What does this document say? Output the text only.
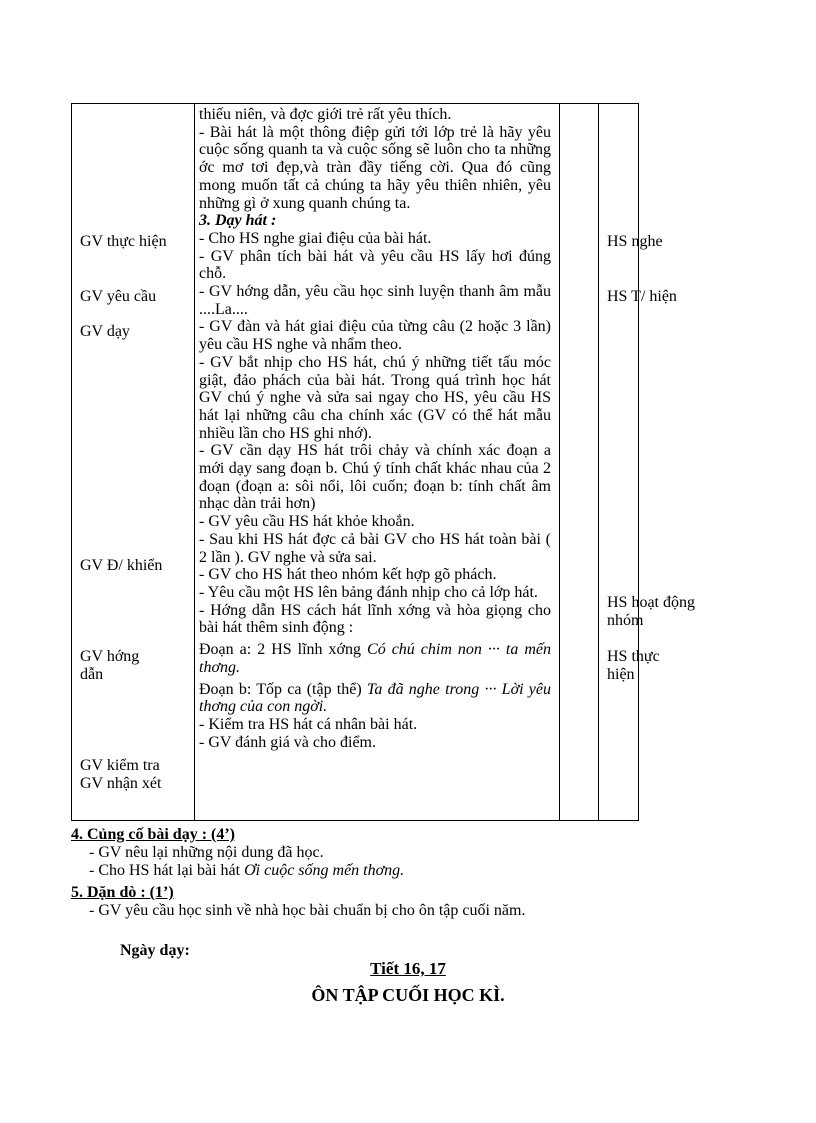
GV thực hiện
GV yêu cầu
GV dạy
GV Đ/ khiển
GV hớng dẫn
GV kiểm tra GV nhận xét
HS nghe
HS T/ hiện
HS hoạt động nhóm
HS thực hiện

thiếu niên, và đợc giới trẻ rất yêu thích.

- Bài hát là một thông điệp gửi tới lớp trẻ là hãy yêu cuộc sống quanh ta và cuộc sống sẽ luôn cho ta những ớc mơ tơi đẹp,và tràn đầy tiếng cời. Qua đó cũng mong muốn tất cả chúng ta hãy yêu thiên nhiên, yêu những gì ở xung quanh chúng ta.

3. Dạy hát :

- Cho HS nghe giai điệu của bài hát.

- GV phân tích bài hát và yêu cầu HS lấy hơi đúng chỗ.

- GV hớng dẫn, yêu cầu học sinh luyện thanh âm mẫu ....La....

- GV đàn và hát giai điệu của từng câu (2 hoặc 3 lần) yêu cầu HS nghe và nhẩm theo.

- GV bắt nhịp cho HS hát, chú ý những tiết tấu móc giật, đảo phách của bài hát. Trong quá trình học hát GV chú ý nghe và sửa sai ngay cho HS, yêu cầu HS hát lại những câu cha chính xác (GV có thể hát mẫu nhiều lần cho HS ghi nhớ).

- GV cần dạy HS hát trôi chảy và chính xác đoạn a mới dạy sang đoạn b. Chú ý tính chất khác nhau của 2 đoạn (đoạn a: sôi nổi, lôi cuốn; đoạn b: tính chất âm nhạc dàn trải hơn)

- GV yêu cầu HS hát khỏe khoắn.

- Sau khi HS hát đợc cả bài GV cho HS hát toàn bài ( 2 lần ). GV nghe và sửa sai.

- GV cho HS hát theo nhóm kết hợp gõ phách.

- Yêu cầu một HS lên bảng đánh nhịp cho cả lớp hát.

- Hớng dẫn HS cách hát lĩnh xớng và hòa giọng cho bài hát thêm sinh động :

Đoạn a: 2 HS lĩnh xớng Có chú chim non ··· ta mến thơng.

Đoạn b: Tốp ca (tập thể) Ta đã nghe trong ··· Lời yêu thơng của con ngời.

- Kiểm tra HS hát cá nhân bài hát.

- GV đánh giá và cho điểm.

4. Củng cố bài dạy : (4’)
- GV nêu lại những nội dung đã học.
- Cho HS hát lại bài hát Ơi cuộc sống mến thơng.
5. Dặn dò : (1’)
- GV yêu cầu học sinh về nhà học bài chuẩn bị cho ôn tập cuối năm.
Ngày dạy:
Tiết 16, 17
ÔN TẬP CUỐI HỌC KÌ.
